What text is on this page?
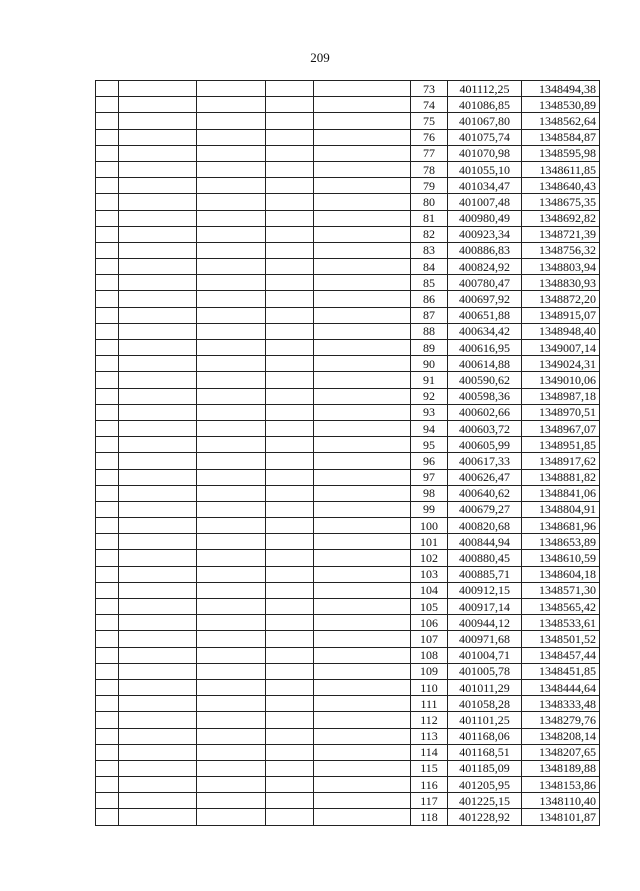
209
					73	401112,25	1348494,38
					74	401086,85	1348530,89
					75	401067,80	1348562,64
					76	401075,74	1348584,87
					77	401070,98	1348595,98
					78	401055,10	1348611,85
					79	401034,47	1348640,43
					80	401007,48	1348675,35
					81	400980,49	1348692,82
					82	400923,34	1348721,39
					83	400886,83	1348756,32
					84	400824,92	1348803,94
					85	400780,47	1348830,93
					86	400697,92	1348872,20
					87	400651,88	1348915,07
					88	400634,42	1348948,40
					89	400616,95	1349007,14
					90	400614,88	1349024,31
					91	400590,62	1349010,06
					92	400598,36	1348987,18
					93	400602,66	1348970,51
					94	400603,72	1348967,07
					95	400605,99	1348951,85
					96	400617,33	1348917,62
					97	400626,47	1348881,82
					98	400640,62	1348841,06
					99	400679,27	1348804,91
					100	400820,68	1348681,96
					101	400844,94	1348653,89
					102	400880,45	1348610,59
					103	400885,71	1348604,18
					104	400912,15	1348571,30
					105	400917,14	1348565,42
					106	400944,12	1348533,61
					107	400971,68	1348501,52
					108	401004,71	1348457,44
					109	401005,78	1348451,85
					110	401011,29	1348444,64
					111	401058,28	1348333,48
					112	401101,25	1348279,76
					113	401168,06	1348208,14
					114	401168,51	1348207,65
					115	401185,09	1348189,88
					116	401205,95	1348153,86
					117	401225,15	1348110,40
					118	401228,92	1348101,87
